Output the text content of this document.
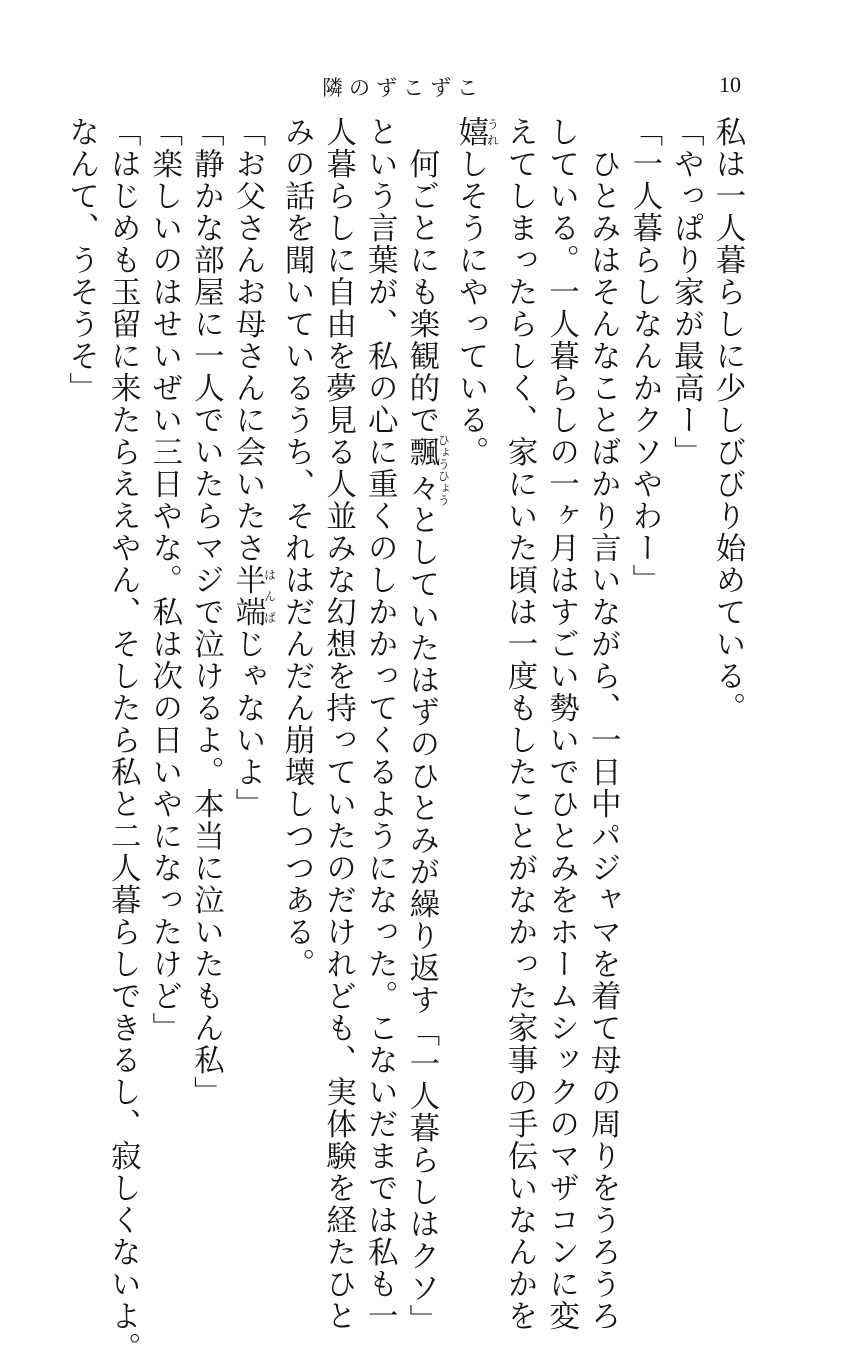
隣のずこずこ	10
私は一人暮らしに少しびびり始めている。
「やっぱり家が最高ー」
「一人暮らしなんかクソやわー」
　ひとみはそんなことばかり言いながら、一日中パジャマを着て母の周りをうろうろ
している。一人暮らしの一ヶ月はすごい勢いでひとみをホームシックのマザコンに変
えてしまったらしく、家にいた頃は一度もしたことがなかった家事の手伝いなんかを
嬉うれしそうにやっている。
　何ごとにも楽観的で飄々ひょうひょうとしていたはずのひとみが繰り返す「一人暮らしはクソ」
という言葉が、私の心に重くのしかかってくるようになった。こないだまでは私も一
人暮らしに自由を夢見る人並みな幻想を持っていたのだけれども、実体験を経たひと
みの話を聞いているうち、それはだんだん崩壊しつつある。
「お父さんお母さんに会いたさ半端はんぱじゃないよ」
「静かな部屋に一人でいたらマジで泣けるよ。本当に泣いたもん私」
「楽しいのはせいぜい三日やな。私は次の日いやになったけど」
「はじめも玉留に来たらええやん、そしたら私と二人暮らしできるし、寂しくないよ。
なんて、うそうそ」
